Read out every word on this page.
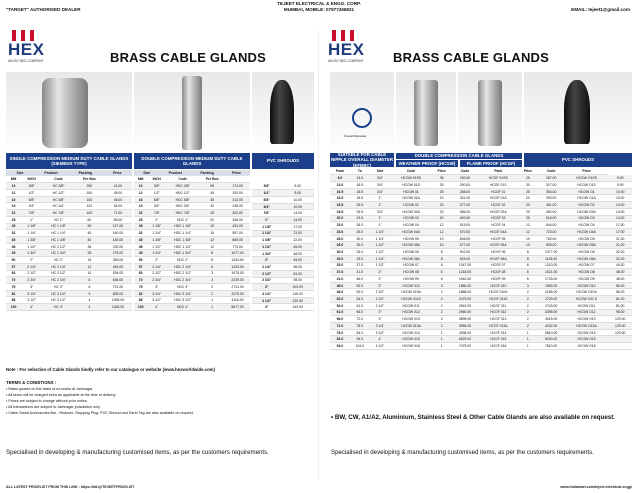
"TARGET" AUTHORISED DEALER
TEJEET ELECTRICAL & ENGG. CORP.
MUMBAI, MOBILE: 07977456821	EMAIL: tejeet1@gmail.com
HEX
AN ISO 9001 COMPANY	BRASS CABLE GLANDS
SINGLE COMPRESSION MEDIUM DUTY CABLE GLANDS (SIEMENS TYPE)
DOUBLE COMPRESSION MEDIUM DUTY CABLE GLANDS
PVC SHROUDS
Size	Product	Packing	Price	Size	Product	Packing	Price
MM	INCH	Code	Per Box	
13	3/8"	HC 3/8"	250	41.00
12	1/2"	HC 1/2"	150	45.00
16	5/8"	HC 5/8"	150	46.00
19	3/4"	HC 3/4"	120	54.00
22	7/8"	HC 7/8"	100	71.00
25	1"	HC 1"	60	83.00
28	1 1/8"	HC 1 1/8"	50	127.00
32	1 1/4"	HC 1 1/4"	45	160.00
35	1 3/8"	HC 1 3/8"	40	183.00
38	1 1/2"	HC 1 1/2"	35	230.00
45	1 3/4"	HC 1 3/4"	25	275.00
50	2"	HC 2"	15	353.00
57	2 1/4"	HC 2 1/4"	12	451.00
63	2 1/2"	HC 2 1/2"	10	534.00
70	2 3/4"	HC 2 3/4"	8	636.00
75	3"	HC 3"	6	721.00
82	3 1/4"	HC 3 1/4"	5	805.00
88	3 1/2"	HC 3 1/2"	4	1065.00
100	4"	HC 4"	4	1345.00
MM	INCH	Code	Per Box	
10	3/8"	HDC 3/8"	65	174.00
12	1/2"	HDC 1/2"	45	193.00
16	5/8"	HDC 5/8"	35	213.00
19	3/4"	HDC 3/4"	30	238.00
22	7/8"	HDC 7/8"	25	302.00
25	1"	HDC 1"	20	336.00
28	1 1/8"	HDC 1 1/8"	15	431.00
32	1 1/4"	HDC 1 1/4"	15	557.00
35	1 3/8"	HDC 1 3/8"	12	665.00
38	1 1/2"	HDC 1 1/2"	12	773.00
45	1 3/4"	HDC 1 3/4"	8	1077.00
50	2"	HDC 2"	8	1234.00
57	2 1/4"	HDC 2 1/4"	6	1433.00
63	2 1/2"	HDC 2 1/2"	3	1975.00
70	2 3/4"	HDC 2 3/4"	3	2239.00
75	3"	HDC 3"	2	2741.00
82	3 1/4"	HDC 3 1/4"	2	3175.00
88	3 1/2"	HDC 3 1/2"	1	4116.00
100	4"	HDC 4"	1	5577.00
3/8"	9.00
1/2"	9.00
5/8"	10.00
3/4"	10.00
7/8"	14.00
1"	14.00
1 1/8"	17.00
1 1/4"	21.00
1 3/8"	22.00
1 1/2"	45.00
1 3/4"	48.00
2"	45.00
2 1/4"	56.00
2 1/2"	81.00
2 3/4"	98.00
3"	103.00
3 1/4"	116.00
3 1/2"	129.00
4"	143.00
Note : For selection of Cable Glands kindly refer to our catalogue or website (www.hexworldwide.com)
TERMS & CONDITIONS :
• Rates quoted on the basis of ex-works at Jamnagar.
• All taxes will be charged extra as applicable at the time of delivery.
• Prices are subject to change without prior notice.
• All transactions are subject to Jamnagar jurisdiction only.
• Cable Gland Accessories like - Reducer, Stopping Plug, PVC Shroud and Earth Tag are also available on request.
Specialised in developing & manufacturing customised items, as per the customers requirements.
HEX
AN ISO 9001 COMPANY BRASS CABLE GLANDS
Overall Diameter
SUITABLE FOR CABLE NIPPLE OVERALL DIAMETER (EFBBC)
DOUBLE COMPRESSION CABLE GLANDS
WEATHER PROOF (HCGW)	FLAME PROOF (HCGF)
PVC SHROUDS
From	To	Size	Code	Price	Code	Pack	Price	Code	Price	
6.0	13.0	3/4"	HCGW 01SS	35	230.00	HCGF 01SS	25	287.00	HCGW O1SS	9.00
13.0	16.5	3/4"	HCGW 01S	30	250.00	HCGF 01S	30	317.00	HCGW O1S	9.00
16.5	18.5	3/4"	HCGW 01	25	288.00	HCGF 01	25	354.00	HCGW O1	10.00
18.5	18.5	1"	HCGW 01A	20	331.00	HCGF 01A	20	393.00	HCGW O1A	10.00
18.5	25.5	1"	HCGW 02	20	377.00	HCGF 02	20	461.00	HCGW O2	14.00
18.5	25.5	3/4"	HCGW 02A	20	386.00	HCGF 02A	20	492.00	HCGW O2A	14.00
20.0	23.5	1"	HCGW 03	20	400.00	HCGF 03	20	516.00	HCGW O3	14.00
23.0	26.0	1"	HCGW 04	12	515.00	HCGF 04	12	644.00	HCGW O4	17.00
23.0	26.0	1 1/4"	HCGW 04A	12	570.00	HCGF 04A	12	723.00	HCGW O4A	17.00
26.0	30.0	1 1/4"	HCGW 05	10	636.00	HCGF 05	10	762.00	HCGW O5	21.00
26.0	30.0	1 1/2"	HCGW 05A	10	677.00	HCGF 05A	10	805.00	HCGW O5A	21.00
30.0	33.0	1 1/2"	HCGW 06	8	902.00	HCGF 06	8	1077.00	HCGW O6	32.00
30.0	33.0	1 1/4"	HCGW 06A	8	924.00	HCGF 06A	8	1125.00	HCGW O6A	32.00
33.0	37.0	1 1/2"	HCGW 07	6	1047.00	HCGF 07	6	1210.00	HCGW O7	40.00
37.0	41.0	2"	HCGW 08	6	1218.00	HCGF 08	6	1521.00	HCGW O8	48.00
41.0	46.0	2"	HCGW 09	6	1540.00	HCGF 09	6	1733.00	HCGW O9	48.00
46.0	52.0	2"	HCGW 010	3	1880.00	HCGF 010	3	1953.00	HCGW O10	56.00
46.0	52.0	2 1/2"	HCGW 010A	2	1888.00	HCGF 010A	2	2156.00	HCGW O10A	56.00
52.0	54.0	2 1/2"	HCGW 011S	2	2475.00	HCGF 011S	2	2729.00	HCGW O11 S	81.00
54.0	61.0	2 1/2"	HCGW 011	2	2542.00	HCGF 011	2	2743.00	HCGW O11	81.00
61.0	66.0	3"	HCGW 012	2	2960.00	HCGF 012	2	3395.00	HCGW O12	98.00
66.0	72.0	3"	HCGW 013	2	3895.00	HCGF 013	2	4015.00	HCGW O13	129.00
72.0	78.0	3 1/4"	HCGW 013A	2	3955.00	HCGF 013A	2	4332.00	HCGW O13A	129.00
78.0	84.0	3 1/2"	HCGW 014	1	4538.00	HCGF 014	1	5810.00	HCGW O14	129.00
84.0	94.0	4"	HCGW 015	1	6529.00	HCGF 015	1	6930.00	HCGW O15	
94.0	104.0	4 1/2"	HCGW 016	1	7475.00	HCGF 016	1	7810.00	HCGW O16	
• BW, CW, A1/A2, Aluminium, Stainless Steel & Other Cable Glands are also available on request.
Specialised in developing & manufacturing customised items, as per the customers requirements.
ALL LATEST PRICELIST FROM THIS LINK : https://bit.ly/TEJEETPRICELIST	www.indiamart.com/tejeet-electrical-engg/
